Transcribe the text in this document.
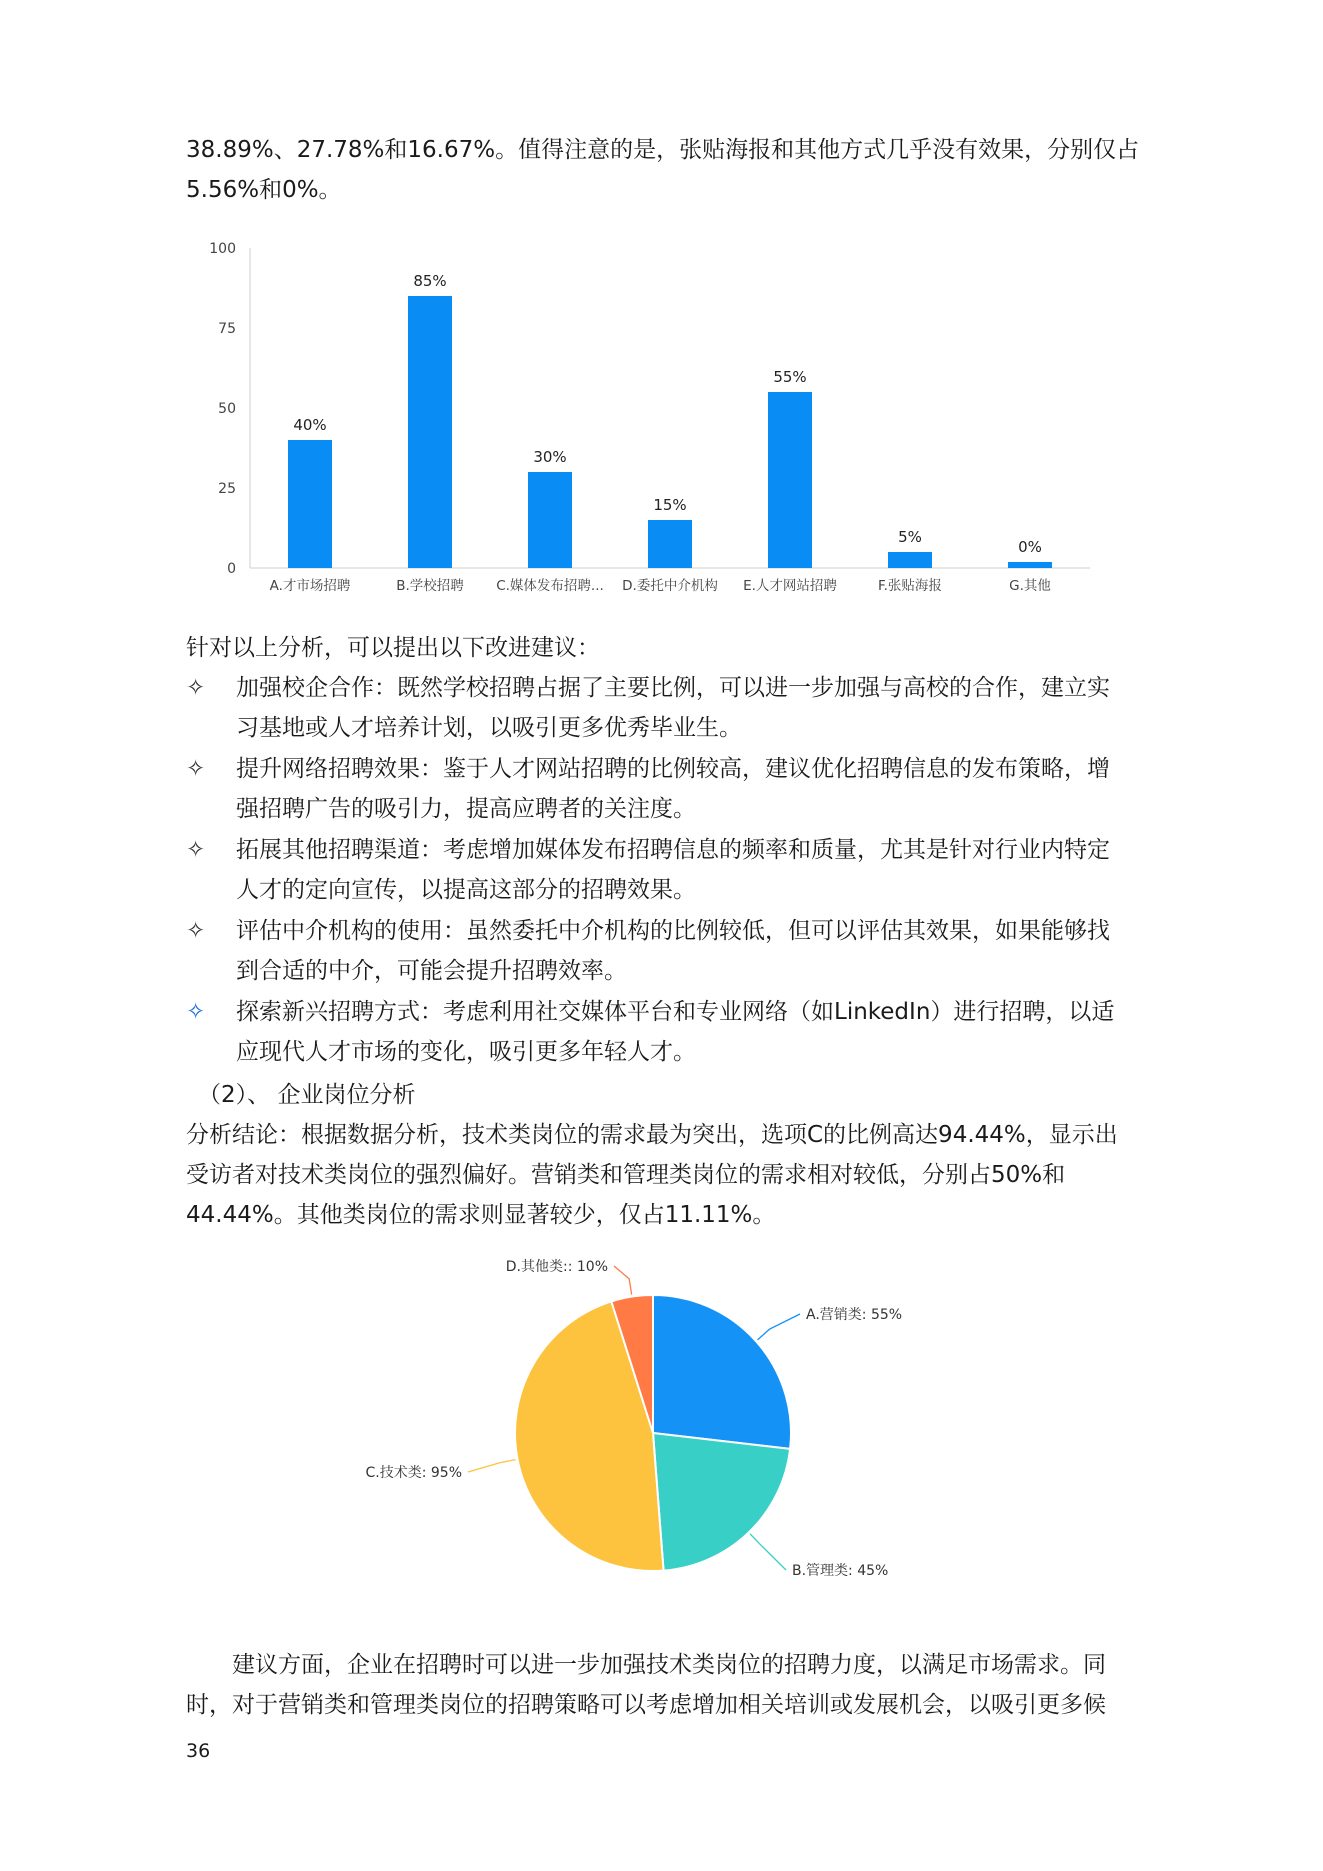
38.89%、27.78%和16.67%。值得注意的是，张贴海报和其他方式几乎没有效果，分别仅占
5.56%和0%。
0
25
50
75
100
40%
A.才市场招聘
85%
B.学校招聘
30%
C.媒体发布招聘...
15%
D.委托中介机构
55%
E.人才网站招聘
5%
F.张贴海报
0%
G.其他
针对以上分析，可以提出以下改进建议：
✧	加强校企合作：既然学校招聘占据了主要比例，可以进一步加强与高校的合作，建立实
习基地或人才培养计划，以吸引更多优秀毕业生。
✧	提升网络招聘效果：鉴于人才网站招聘的比例较高，建议优化招聘信息的发布策略，增
强招聘广告的吸引力，提高应聘者的关注度。
✧	拓展其他招聘渠道：考虑增加媒体发布招聘信息的频率和质量，尤其是针对行业内特定
人才的定向宣传，以提高这部分的招聘效果。
✧	评估中介机构的使用：虽然委托中介机构的比例较低，但可以评估其效果，如果能够找
到合适的中介，可能会提升招聘效率。
✧	探索新兴招聘方式：考虑利用社交媒体平台和专业网络（如LinkedIn）进行招聘，以适
应现代人才市场的变化，吸引更多年轻人才。
（2）、 企业岗位分析
分析结论：根据数据分析，技术类岗位的需求最为突出，选项C的比例高达94.44%，显示出
受访者对技术类岗位的强烈偏好。营销类和管理类岗位的需求相对较低，分别占50%和
44.44%。其他类岗位的需求则显著较少，仅占11.11%。
A.营销类: 55%
B.管理类: 45%
C.技术类: 95%
D.其他类:: 10%
建议方面，企业在招聘时可以进一步加强技术类岗位的招聘力度，以满足市场需求。同
时，对于营销类和管理类岗位的招聘策略可以考虑增加相关培训或发展机会，以吸引更多候
36
